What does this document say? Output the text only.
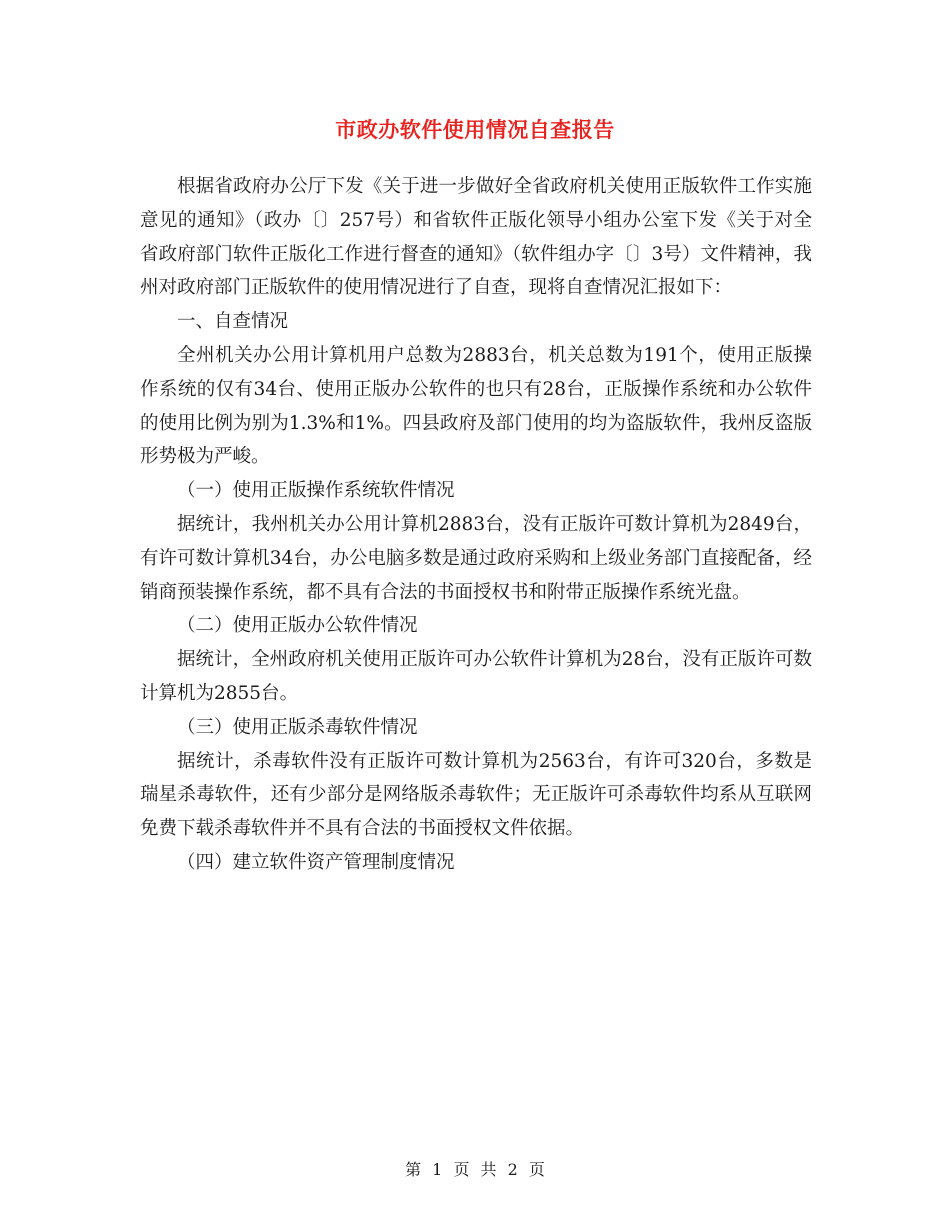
市政办软件使用情况自查报告

根据省政府办公厅下发《关于进一步做好全省政府机关使用正版软件工作实施意见的通知》（政办〔〕257号）和省软件正版化领导小组办公室下发《关于对全省政府部门软件正版化工作进行督查的通知》（软件组办字〔〕3号）文件精神，我州对政府部门正版软件的使用情况进行了自查，现将自查情况汇报如下：

一、自查情况

全州机关办公用计算机用户总数为2883台，机关总数为191个，使用正版操作系统的仅有34台、使用正版办公软件的也只有28台，正版操作系统和办公软件的使用比例为别为1.3%和1%。四县政府及部门使用的均为盗版软件，我州反盗版形势极为严峻。

（一）使用正版操作系统软件情况

据统计，我州机关办公用计算机2883台，没有正版许可数计算机为2849台，有许可数计算机34台，办公电脑多数是通过政府采购和上级业务部门直接配备，经销商预装操作系统，都不具有合法的书面授权书和附带正版操作系统光盘。

（二）使用正版办公软件情况

据统计，全州政府机关使用正版许可办公软件计算机为28台，没有正版许可数计算机为2855台。

（三）使用正版杀毒软件情况

据统计，杀毒软件没有正版许可数计算机为2563台，有许可320台，多数是瑞星杀毒软件，还有少部分是网络版杀毒软件；无正版许可杀毒软件均系从互联网免费下载杀毒软件并不具有合法的书面授权文件依据。

（四）建立软件资产管理制度情况

第 1 页 共 2 页
